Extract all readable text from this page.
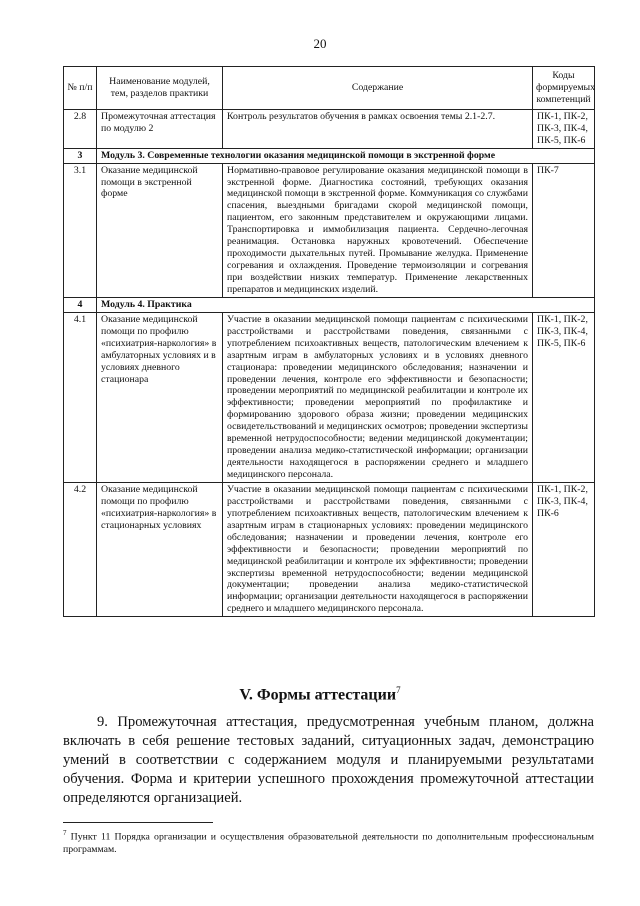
20
№ п/п	Наименование модулей, тем, разделов практики	Содержание	Коды формируемых компетенций
2.8	Промежуточная аттестация по модулю 2	Контроль результатов обучения в рамках освоения темы 2.1-2.7.	ПК-1, ПК-2, ПК-3, ПК-4, ПК-5, ПК-6
3	Модуль 3. Современные технологии оказания медицинской помощи в экстренной форме		
3.1	Оказание медицинской помощи в экстренной форме	Нормативно-правовое регулирование оказания медицинской помощи в экстренной форме. Диагностика состояний, требующих оказания медицинской помощи в экстренной форме. Коммуникация со службами спасения, выездными бригадами скорой медицинской помощи, пациентом, его законным представителем и окружающими лицами. Транспортировка и иммобилизация пациента. Сердечно-легочная реанимация. Остановка наружных кровотечений. Обеспечение проходимости дыхательных путей. Промывание желудка. Применение согревания и охлаждения. Проведение термоизоляции и согревания при воздействии низких температур. Применение лекарственных препаратов и медицинских изделий.	ПК-7
4	Модуль 4. Практика		
4.1	Оказание медицинской помощи по профилю «психиатрия-наркология» в амбулаторных условиях и в условиях дневного стационара	Участие в оказании медицинской помощи пациентам с психическими расстройствами и расстройствами поведения, связанными с употреблением психоактивных веществ, патологическим влечением к азартным играм в амбулаторных условиях и в условиях дневного стационара: проведении медицинского обследования; назначении и проведении лечения, контроле его эффективности и безопасности; проведении мероприятий по медицинской реабилитации и контроле их эффективности; проведении мероприятий по профилактике и формированию здорового образа жизни; проведении медицинских освидетельствований и медицинских осмотров; проведении экспертизы временной нетрудоспособности; ведении медицинской документации; проведении анализа медико-статистической информации; организации деятельности находящегося в распоряжении среднего и младшего медицинского персонала.	ПК-1, ПК-2, ПК-3, ПК-4, ПК-5, ПК-6
4.2	Оказание медицинской помощи по профилю «психиатрия-наркология» в стационарных условиях	Участие в оказании медицинской помощи пациентам с психическими расстройствами и расстройствами поведения, связанными с употреблением психоактивных веществ, патологическим влечением к азартным играм в стационарных условиях: проведении медицинского обследования; назначении и проведении лечения, контроле его эффективности и безопасности; проведении мероприятий по медицинской реабилитации и контроле их эффективности; проведении экспертизы временной нетрудоспособности; ведении медицинской документации; проведении анализа медико-статистической информации; организации деятельности находящегося в распоряжении среднего и младшего медицинского персонала.	ПК-1, ПК-2, ПК-3, ПК-4, ПК-6
V. Формы аттестации$^7$

9. Промежуточная аттестация, предусмотренная учебным планом, должна включать в себя решение тестовых заданий, ситуационных задач, демонстрацию умений в соответствии с содержанием модуля и планируемыми результатами обучения. Форма и критерии успешного прохождения промежуточной аттестации определяются организацией.

$^7$ Пункт 11 Порядка организации и осуществления образовательной деятельности по дополнительным профессиональным программам.
